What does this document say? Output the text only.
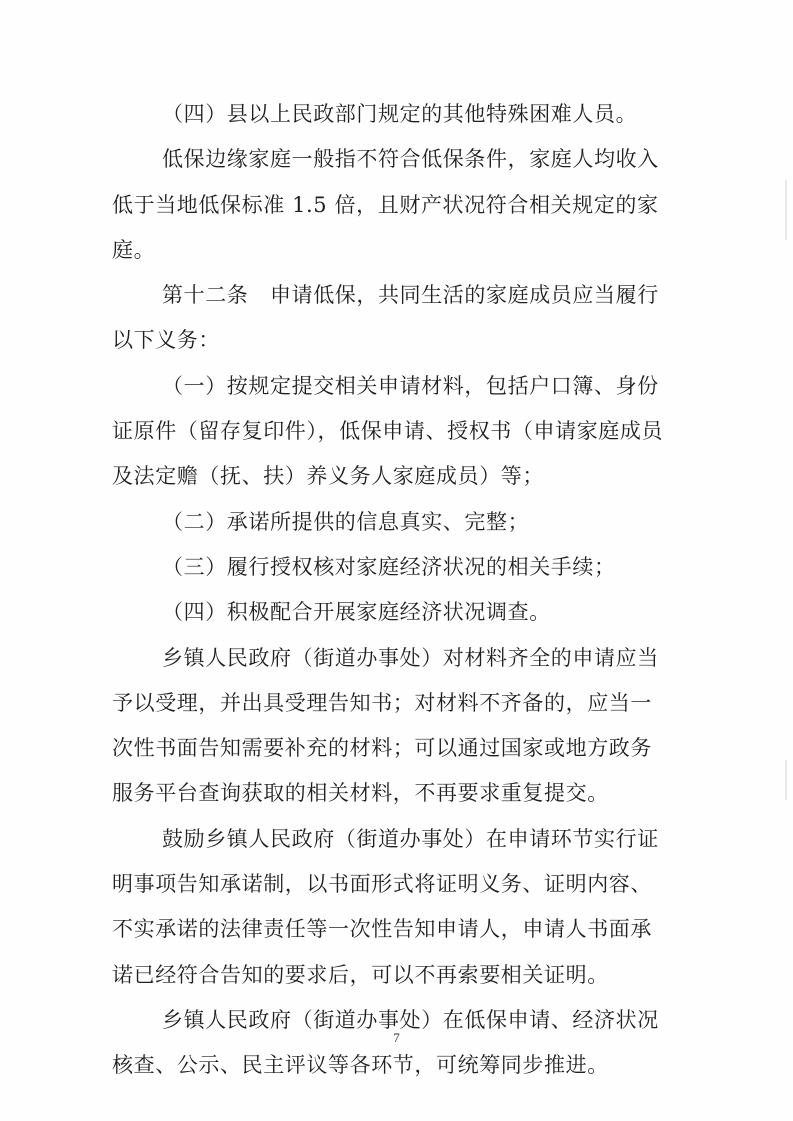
（四）县以上民政部门规定的其他特殊困难人员。
低保边缘家庭一般指不符合低保条件，家庭人均收入
低于当地低保标准 1.5 倍，且财产状况符合相关规定的家
庭。
第十二条　申请低保，共同生活的家庭成员应当履行
以下义务：
（一）按规定提交相关申请材料，包括户口簿、身份
证原件（留存复印件），低保申请、授权书（申请家庭成员
及法定赡（抚、扶）养义务人家庭成员）等；
（二）承诺所提供的信息真实、完整；
（三）履行授权核对家庭经济状况的相关手续；
（四）积极配合开展家庭经济状况调查。
乡镇人民政府（街道办事处）对材料齐全的申请应当
予以受理，并出具受理告知书；对材料不齐备的，应当一
次性书面告知需要补充的材料；可以通过国家或地方政务
服务平台查询获取的相关材料，不再要求重复提交。
鼓励乡镇人民政府（街道办事处）在申请环节实行证
明事项告知承诺制，以书面形式将证明义务、证明内容、
不实承诺的法律责任等一次性告知申请人，申请人书面承
诺已经符合告知的要求后，可以不再索要相关证明。
乡镇人民政府（街道办事处）在低保申请、经济状况
核查、公示、民主评议等各环节，可统筹同步推进。
7
